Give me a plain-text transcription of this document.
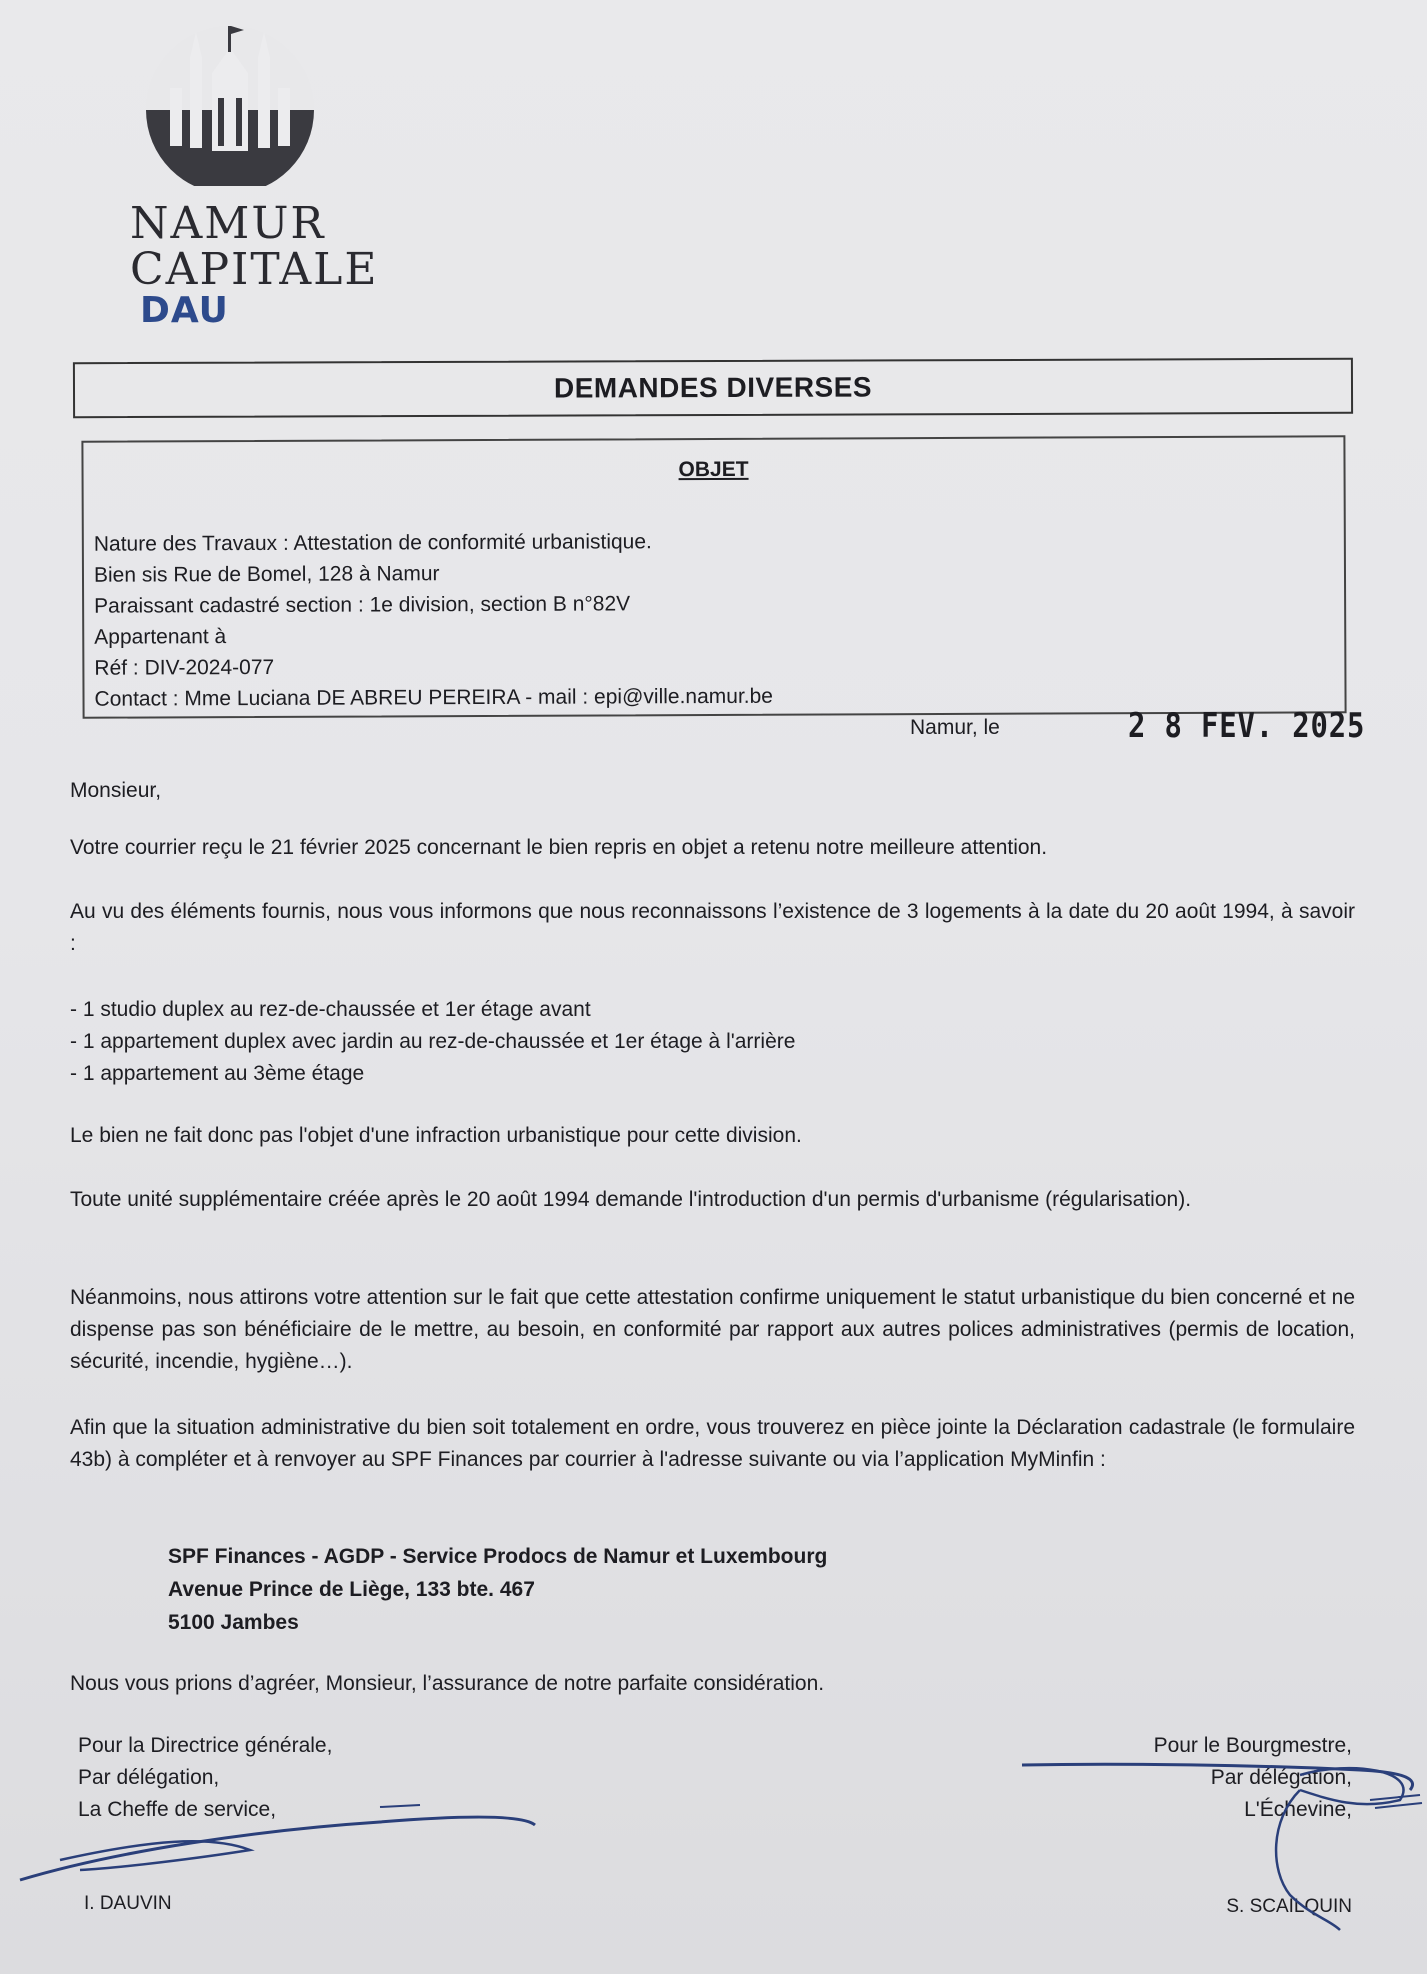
NAMUR
CAPITALE
DAU
DEMANDES DIVERSES
OBJET
Nature des Travaux : Attestation de conformité urbanistique.
Bien sis Rue de Bomel, 128 à Namur
Paraissant cadastré section : 1e division, section B n°82V
Appartenant à
Réf : DIV-2024-077
Contact : Mme Luciana DE ABREU PEREIRA - mail : epi@ville.namur.be
Namur, le	2 8 FEV. 2025
Monsieur,
Votre courrier reçu le 21 février 2025 concernant le bien repris en objet a retenu notre meilleure attention.
Au vu des éléments fournis, nous vous informons que nous reconnaissons l’existence de 3 logements à la date du 20 août 1994, à savoir :
- 1 studio duplex au rez-de-chaussée et 1er étage avant
- 1 appartement duplex avec jardin au rez-de-chaussée et 1er étage à l'arrière
- 1 appartement au 3ème étage
Le bien ne fait donc pas l'objet d'une infraction urbanistique pour cette division.
Toute unité supplémentaire créée après le 20 août 1994 demande l'introduction d'un permis d'urbanisme (régularisation).
Néanmoins, nous attirons votre attention sur le fait que cette attestation confirme uniquement le statut urbanistique du bien concerné et ne dispense pas son bénéficiaire de le mettre, au besoin, en conformité par rapport aux autres polices administratives (permis de location, sécurité, incendie, hygiène…).
Afin que la situation administrative du bien soit totalement en ordre, vous trouverez en pièce jointe la Déclaration cadastrale (le formulaire 43b) à compléter et à renvoyer au SPF Finances par courrier à l'adresse suivante ou via l’application MyMinfin :
SPF Finances - AGDP - Service Prodocs de Namur et Luxembourg
Avenue Prince de Liège, 133 bte. 467
5100 Jambes
Nous vous prions d’agréer, Monsieur, l’assurance de notre parfaite considération.
Pour la Directrice générale,
Par délégation,
La Cheffe de service,
Pour le Bourgmestre,
Par délégation,
L'Échevine,
I. DAUVIN	S. SCAILQUIN
